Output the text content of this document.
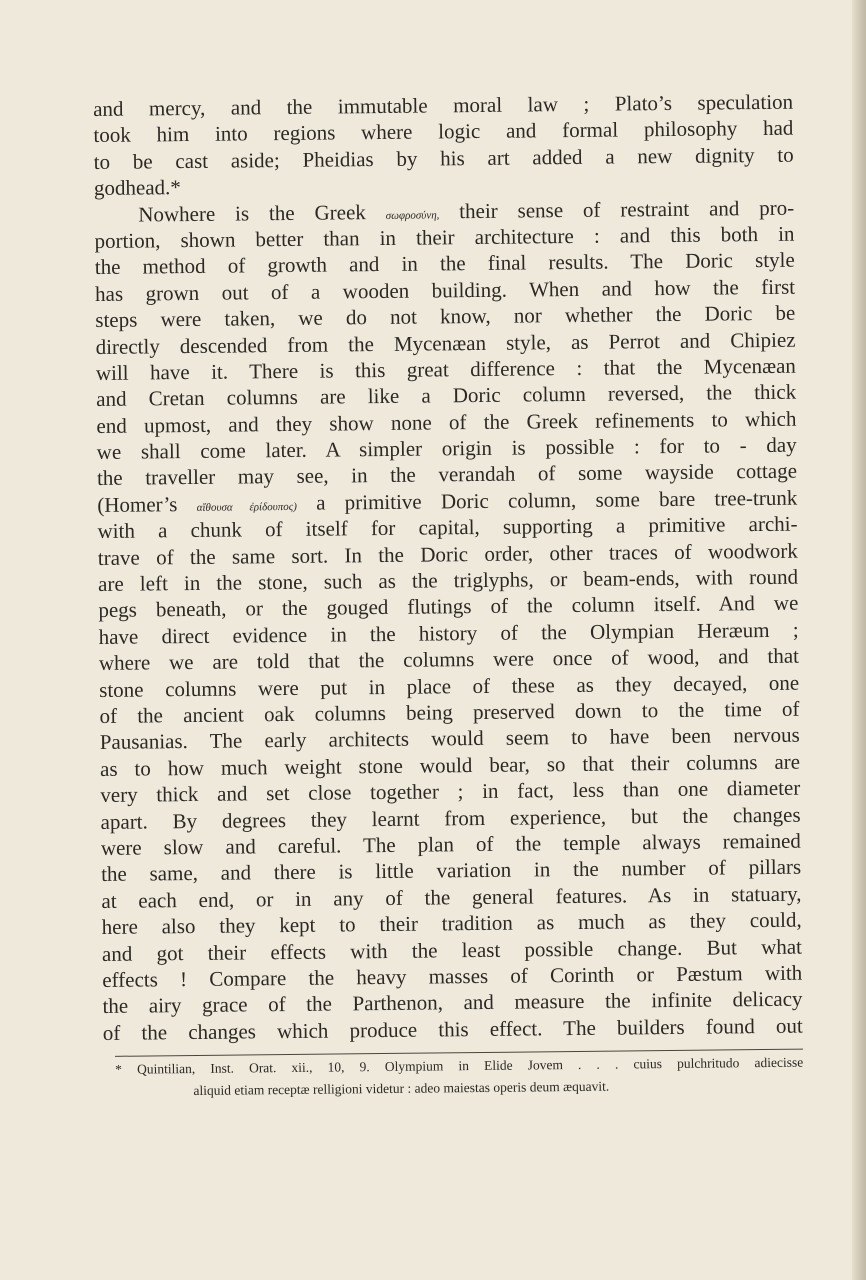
and mercy, and the immutable moral law ; Plato’s speculation
took him into regions where logic and formal philosophy had
to be cast aside; Pheidias by his art added a new dignity to
godhead.*
Nowhere is the Greek σωφροσύνη, their sense of restraint and pro-
portion, shown better than in their architecture : and this both in
the method of growth and in the final results. The Doric style
has grown out of a wooden building. When and how the first
steps were taken, we do not know, nor whether the Doric be
directly descended from the Mycenæan style, as Perrot and Chipiez
will have it. There is this great difference : that the Mycenæan
and Cretan columns are like a Doric column reversed, the thick
end upmost, and they show none of the Greek refinements to which
we shall come later. A simpler origin is possible : for to - day
the traveller may see, in the verandah of some wayside cottage
(Homer’s αἴθουσα ἐρίδουπος) a primitive Doric column, some bare tree-trunk
with a chunk of itself for capital, supporting a primitive archi-
trave of the same sort. In the Doric order, other traces of woodwork
are left in the stone, such as the triglyphs, or beam-ends, with round
pegs beneath, or the gouged flutings of the column itself. And we
have direct evidence in the history of the Olympian Heræum ;
where we are told that the columns were once of wood, and that
stone columns were put in place of these as they decayed, one
of the ancient oak columns being preserved down to the time of
Pausanias. The early architects would seem to have been nervous
as to how much weight stone would bear, so that their columns are
very thick and set close together ; in fact, less than one diameter
apart. By degrees they learnt from experience, but the changes
were slow and careful. The plan of the temple always remained
the same, and there is little variation in the number of pillars
at each end, or in any of the general features. As in statuary,
here also they kept to their tradition as much as they could,
and got their effects with the least possible change. But what
effects ! Compare the heavy masses of Corinth or Pæstum with
the airy grace of the Parthenon, and measure the infinite delicacy
of the changes which produce this effect. The builders found out
* Quintilian, Inst. Orat. xii., 10, 9. Olympium in Elide Jovem . . . cuius pulchritudo adiecisse
aliquid etiam receptæ relligioni videtur : adeo maiestas operis deum æquavit.
